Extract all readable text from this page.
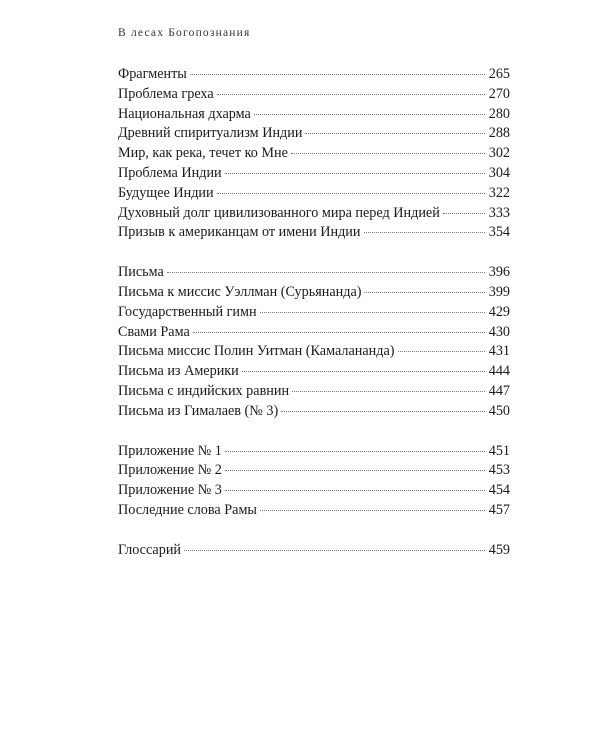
В лесах Богопознания
Фрагменты	265
Проблема греха	270
Национальная дхарма	280
Древний спиритуализм Индии	288
Мир, как река, течет ко Мне	302
Проблема Индии	304
Будущее Индии	322
Духовный долг цивилизованного мира перед Индией	333
Призыв к американцам от имени Индии	354
Письма	396
Письма к миссис Уэллман (Сурьянанда)	399
Государственный гимн	429
Свами Рама	430
Письма миссис Полин Уитман (Камалананда)	431
Письма из Америки	444
Письма с индийских равнин	447
Письма из Гималаев (№ 3)	450
Приложение № 1	451
Приложение № 2	453
Приложение № 3	454
Последние слова Рамы	457
Глоссарий	459
